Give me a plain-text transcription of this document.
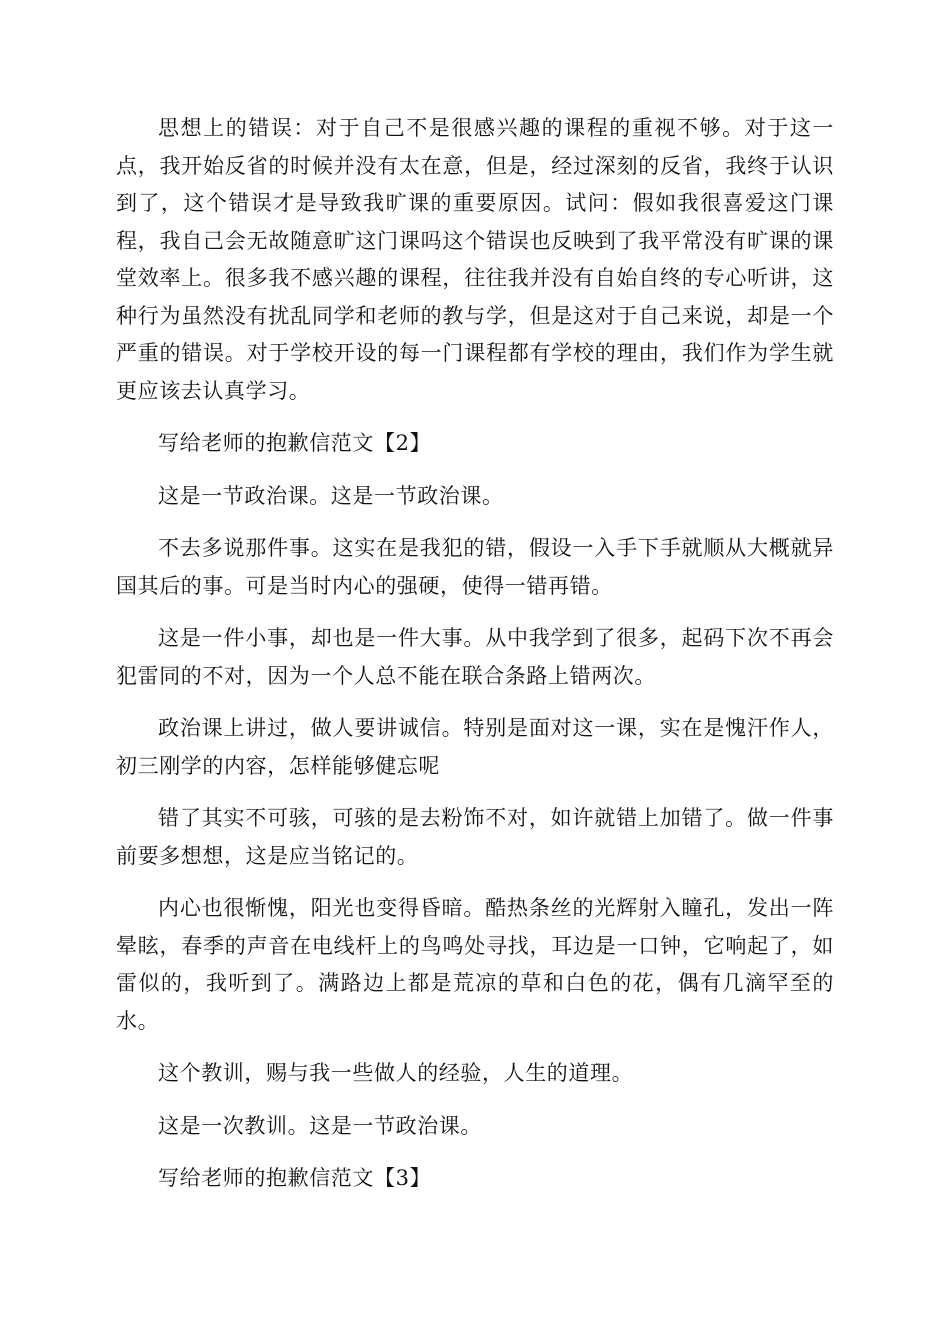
思想上的错误：对于自己不是很感兴趣的课程的重视不够。对于这一点，我开始反省的时候并没有太在意，但是，经过深刻的反省，我终于认识到了，这个错误才是导致我旷课的重要原因。试问：假如我很喜爱这门课程，我自己会无故随意旷这门课吗这个错误也反映到了我平常没有旷课的课堂效率上。很多我不感兴趣的课程，往往我并没有自始自终的专心听讲，这种行为虽然没有扰乱同学和老师的教与学，但是这对于自己来说，却是一个严重的错误。对于学校开设的每一门课程都有学校的理由，我们作为学生就更应该去认真学习。

写给老师的抱歉信范文【2】

这是一节政治课。这是一节政治课。

不去多说那件事。这实在是我犯的错，假设一入手下手就顺从大概就异国其后的事。可是当时内心的强硬，使得一错再错。

这是一件小事，却也是一件大事。从中我学到了很多，起码下次不再会犯雷同的不对，因为一个人总不能在联合条路上错两次。

政治课上讲过，做人要讲诚信。特别是面对这一课，实在是愧汗作人，初三刚学的内容，怎样能够健忘呢

错了其实不可骇，可骇的是去粉饰不对，如许就错上加错了。做一件事前要多想想，这是应当铭记的。

内心也很惭愧，阳光也变得昏暗。酷热条丝的光辉射入瞳孔，发出一阵晕眩，春季的声音在电线杆上的鸟鸣处寻找，耳边是一口钟，它响起了，如雷似的，我听到了。满路边上都是荒凉的草和白色的花，偶有几滴罕至的水。

这个教训，赐与我一些做人的经验，人生的道理。

这是一次教训。这是一节政治课。

写给老师的抱歉信范文【3】
